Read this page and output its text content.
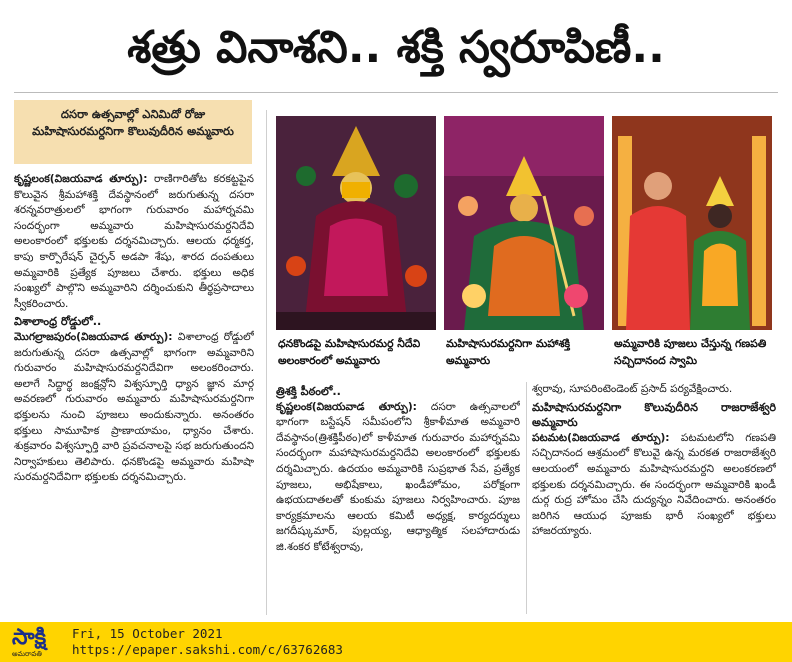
శత్రు వినాశని.. శక్తి స్వరూపిణీ..
దసరా ఉత్సవాల్లో ఎనిమిదో రోజు మహిషాసురమర్దనిగా కొలువుదీరిన అమ్మవారు

కృష్ణలంక(విజయవాడ తూర్పు): రాణిగారితోట కరకట్టపైన కొలువైన శ్రీమహాశక్తి దేవస్థానంలో జరుగుతున్న దసరా శరన్నవరాత్రులలో భాగంగా గురువారం మహార్నవమి సందర్భంగా అమ్మవారు మహిషాసురమర్దనిదేవి అలంకారంలో భక్తులకు దర్శనమిచ్చారు. ఆలయ ధర్మకర్త, కాపు కార్పొరేషన్ చైర్పన్ అడపా శేషు, శారద దంపతులు అమ్మవారికి ప్రత్యేక పూజలు చేశారు. భక్తులు అధిక సంఖ్యలో పాల్గొని అమ్మవారిని దర్శించుకుని తీర్థప్రసాదాలు స్వీకరించారు.

విశాలాంధ్ర రోడ్డులో..

మొగల్రాజపురం(విజయవాడ తూర్పు): విశాలాంధ్ర రోడ్డులో జరుగుతున్న దసరా ఉత్సవాల్లో భాగంగా అమ్మవారిని గురువారం మహిషాసురమర్దనిదేవిగా అలంకరించారు. అలాగే సిద్ధార్థ జంక్షన్లోని విశ్వస్ఫూర్తి ధ్యాన జ్ఞాన మార్గ అవరణలో గురువారం అమ్మవారు మహిషాసురమర్దనిగా భక్తులను నుంచి పూజలు అందుకున్నారు. అనంతరం భక్తులు సామూహిక ప్రాణాయామం, ధ్యానం చేశారు. శుక్రవారం విశ్వస్ఫూర్తి వారి ప్రవచనాలపై సభ జరుగుతుందని నిర్వాహకులు తెలిపారు. ధనకొండపై అమ్మవారు మహిషా సురమర్దనిదేవిగా భక్తులకు దర్శనమిచ్చారు.

ధనకొండపై మహిషాసురమర్ద నీదేవి అలంకారంలో అమ్మవారు
మహిషాసురమర్దనిగా మహాశక్తి అమ్మవారు
అమ్మవారికి పూజలు చేస్తున్న గణపతి సచ్చిదానంద స్వామి

త్రిశక్తి పీఠంలో..

కృష్ణలంక(విజయవాడ తూర్పు): దసరా ఉత్సవాలలో భాగంగా బస్టేషన్ సమీపంలోని శ్రీకాళీమాత అమ్మవారి దేవస్థానం(త్రిశక్తిపీఠం)లో కాళీమాత గురువారం మహార్నవమి సందర్భంగా మహాషాసురమర్దనిదేవి అలంకారంలో భక్తులకు దర్శమిచ్చారు. ఉదయం అమ్మవారికి సుప్రభాత సేవ, ప్రత్యేక పూజలు, అభిషేకాలు, ఖండీహోమం, పరోక్షంగా ఉభయదాతలతో కుంకుమ పూజలు నిర్వహించారు. పూజ కార్యక్రమాలను ఆలయ కమిటీ అధ్యక్ష, కార్యదర్శులు జగదీష్కుమార్, పుల్లయ్య, ఆధ్యాత్మిక సలహాదారుడు జి.శంకర కోటేశ్వరావు,

శ్వరావు, సూపరింటెండెంట్ ప్రసాద్ పర్యవేక్షించారు.

మహిషాసురమర్దనిగా కొలువుదీరిన రాజరాజేశ్వరి అమ్మవారు

పటమట(విజయవాడ తూర్పు): పటమటలోని గణపతి సచ్చిదానంద ఆశ్రమంలో కొలువై ఉన్న మరకత రాజరాజేశ్వరి ఆలయంలో అమ్మవారు మహిషాసురమర్దని అలంకరణలో భక్తులకు దర్శనమిచ్చారు. ఈ సందర్భంగా అమ్మవారికి ఖండీ దుర్గ రుద్ర హోమం చేసి దుద్యన్నం నివేదించారు. అనంతరం జరిగిన ఆయుధ పూజకు భారీ సంఖ్యలో భక్తులు హాజరయ్యారు.

సాక్షి
అమరావతి
Fri, 15 October 2021
https://epaper.sakshi.com/c/63762683
